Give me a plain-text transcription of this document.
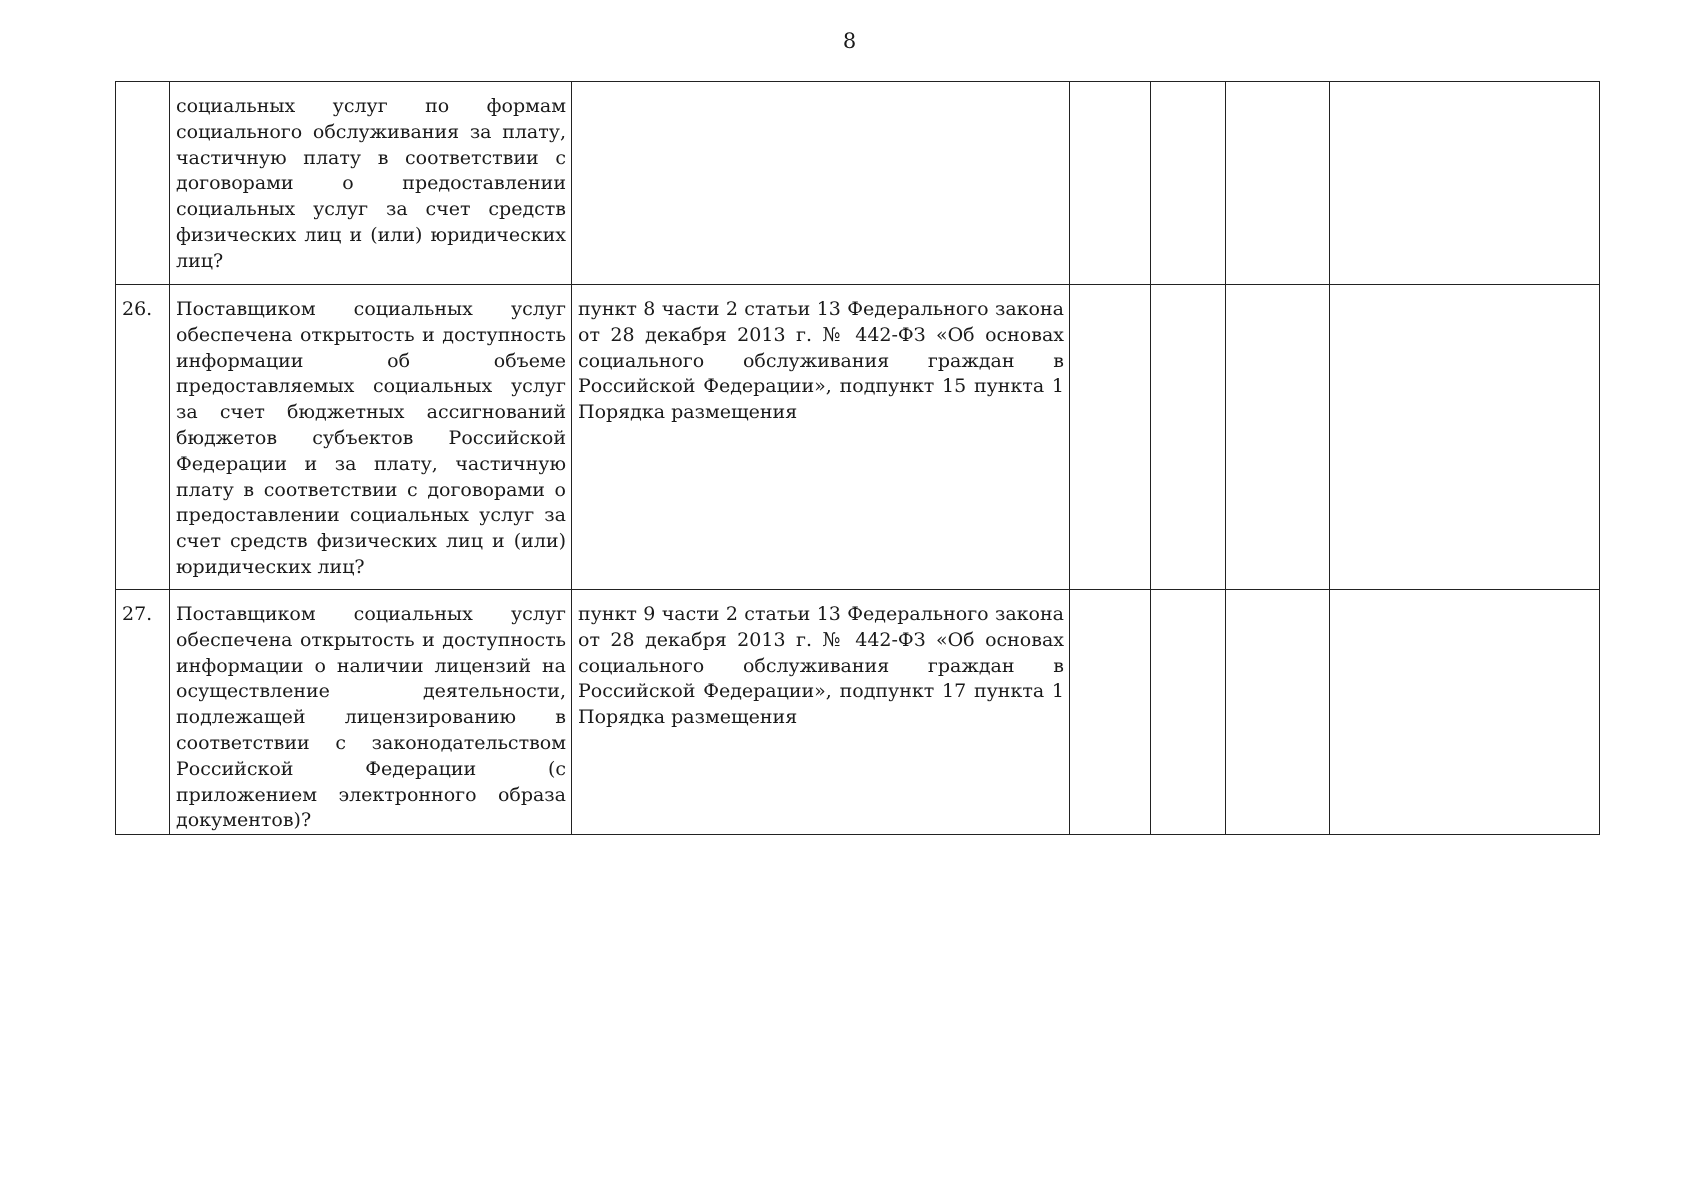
8
	социальных услуг по формам социального обслуживания за плату, частичную плату в соответствии с договорами о предоставлении социальных услуг за счет средств физических лиц и (или) юридических лиц?					
26.	Поставщиком социальных услуг обеспечена открытость и доступность информации об объеме предоставляемых социальных услуг за счет бюджетных ассигнований бюджетов субъектов Российской Федерации и за плату, частичную плату в соответствии с договорами о предоставлении социальных услуг за счет средств физических лиц и (или) юридических лиц?	пункт 8 части 2 статьи 13 Федерального закона от 28 декабря 2013 г. № 442-ФЗ «Об основах социального обслуживания граждан в Российской Федерации», подпункт 15 пункта 1 Порядка размещения				
27.	Поставщиком социальных услуг обеспечена открытость и доступность информации о наличии лицензий на осуществление деятельности, подлежащей лицензированию в соответствии с законодательством Российской Федерации (с приложением электронного образа документов)?	пункт 9 части 2 статьи 13 Федерального закона от 28 декабря 2013 г. № 442-ФЗ «Об основах социального обслуживания граждан в Российской Федерации», подпункт 17 пункта 1 Порядка размещения				
